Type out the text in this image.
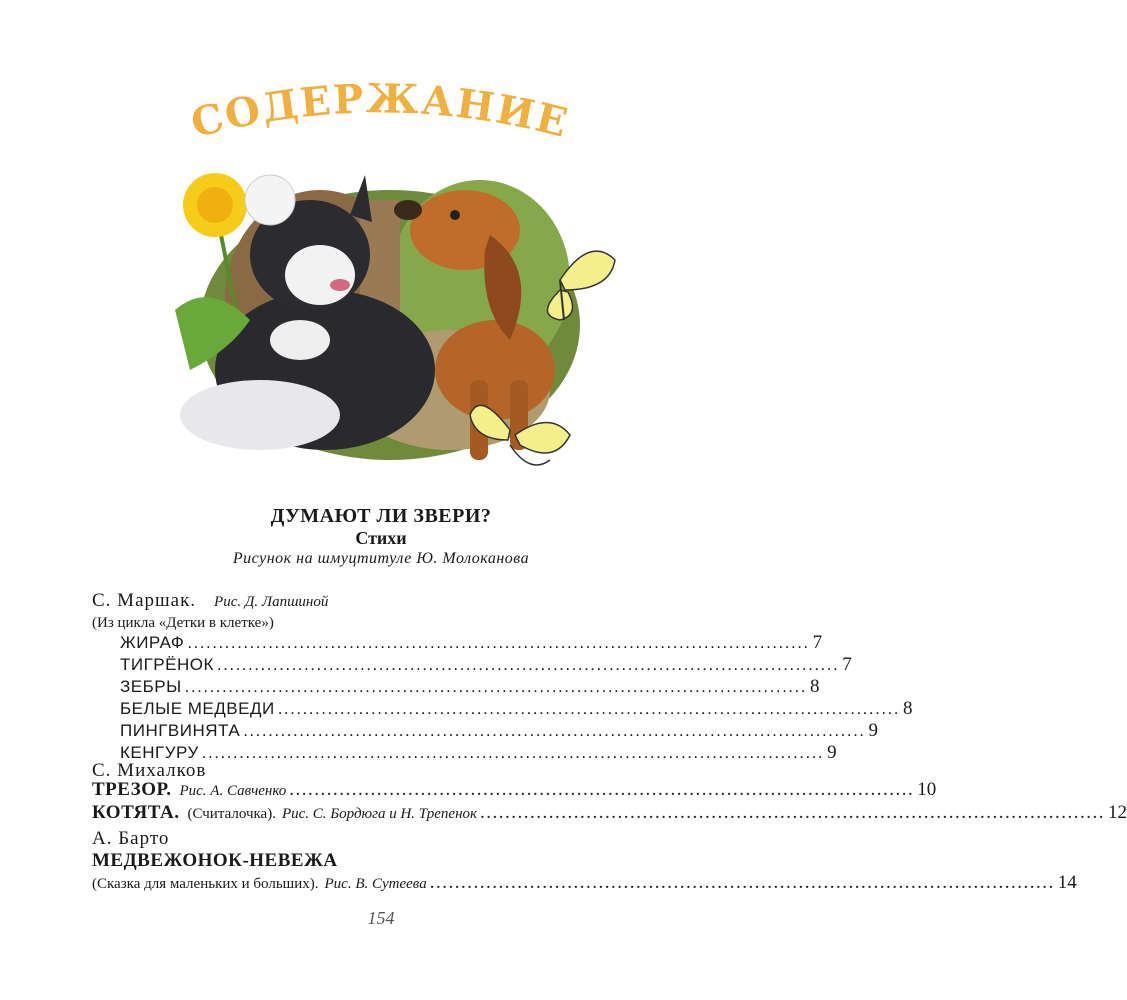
СОДЕРЖАНИЕ
ДУМАЮТ ЛИ ЗВЕРИ?
Стихи
Рисунок на шмуцтитуле Ю. Молоканова
С. Маршак. Рис. Д. Лапшиной
(Из цикла «Детки в клетке»)
ЖИРАФ .................................................................................................... 7
ТИГРЁНОК .................................................................................................... 7
ЗЕБРЫ .................................................................................................... 8
БЕЛЫЕ МЕДВЕДИ .................................................................................................... 8
ПИНГВИНЯТА .................................................................................................... 9
КЕНГУРУ .................................................................................................... 9
С. Михалков
ТРЕЗОР. Рис. А. Савченко .................................................................................................... 10
КОТЯТА. (Считалочка). Рис. С. Бордюга и Н. Трепенок .................................................................................................... 12
А. Барто
МЕДВЕЖОНОК-НЕВЕЖА
(Сказка для маленьких и больших). Рис. В. Сутеева .................................................................................................... 14
154
